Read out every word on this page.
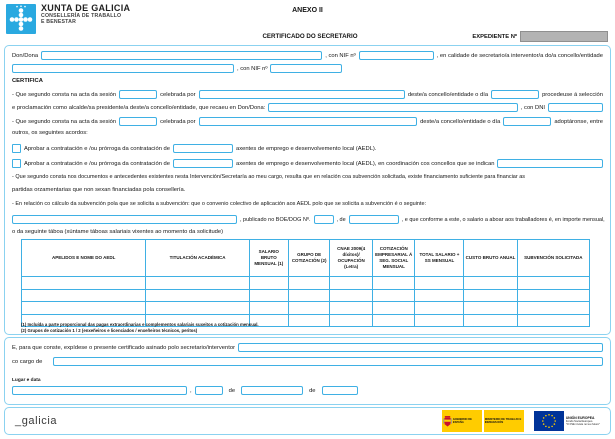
XUNTA DE GALICIA
CONSELLERÍA DE TRABALLO
E BENESTAR
ANEXO II
CERTIFICADO DO SECRETARIO	EXPEDIENTE Nº
Don/Dona	, con NIF nº	, en calidade de secretario/a interventor/a do/a concello/entidade
, con NIF nº
CERTIFICA
- Que segundo consta na acta da sesión	celebrada por	deste/a concello/entidade o día	procedeuse á selección
e proclamación como alcalde/sa presidente/a deste/a concello/entidade, que recaeu en Don/Dona:	, con DNI
- Que segundo consta na acta da sesión	celebrada por	deste/a concello/entidade o día	adoptáronse, entre
outros, os seguintes acordos:
Aprobar a contratación e /ou prórroga da contratación de	axentes de emprego e desenvolvemento local (AEDL).
Aprobar a contratación e /ou prórroga da contratación de	axentes de emprego e desenvolvemento local (AEDL), en coordinación cos concellos que se indican
- Que segundo consta nos documentos e antecedentes existentes nesta Intervención/Secretaría ao meu cargo, resulta que en relación coa subvención solicitada, existe financiamento suficiente para financiar as
partidas orzamentarias que non sexan financiadas pola consellería.
- En relación co cálculo da subvención pola que se solicita a subvención: que o convenio colectivo de aplicación aos AEDL polo que se solicita a subvención é o seguinte:
, publicado no BOE/DOG Nº.	, de	, e que conforme a este, o salario a aboar aos traballadores é, en importe mensual,
o da seguinte táboa (xúntame táboas salariais vixentes ao momento da solicitude)
APELIDOS E NOME DO AEDL	TITULACIÓN ACADÉMICA	SALARIO BRUTO MENSUAL (1)	GRUPO DE COTIZACIÓN (2)	CNAE 2009(4 díxitos)/ OCUPACIÓN (Letra)	COTIZACIÓN EMPRESARIAL Á SEG. SOCIAL MENSUAL	TOTAL SALARIO + SS MENSUAL	CUSTO BRUTO ANUAL	SUBVENCIÓN SOLICITADA

(1) Incluída a parte proporcional das pagas extraordinarias e complementos salariais suxeitos a cotización mensual.
(2) Grupos de cotización 1 / 2 (enxeñeiros e licenciados / enxeñeiros técnicos, peritos)
E, para que conste, expídese o presente certificado asinado polo secretario/interventor
co cargo de
Lugar e data
,	de	de
_galicia	GOBIERNO DE ESPAÑA
MINISTERIO DE TRABAJO E INMIGRACIÓN
UNIÓN EUROPEA
Fondo Social Europeo
"O FSE inviste no teu futuro"
